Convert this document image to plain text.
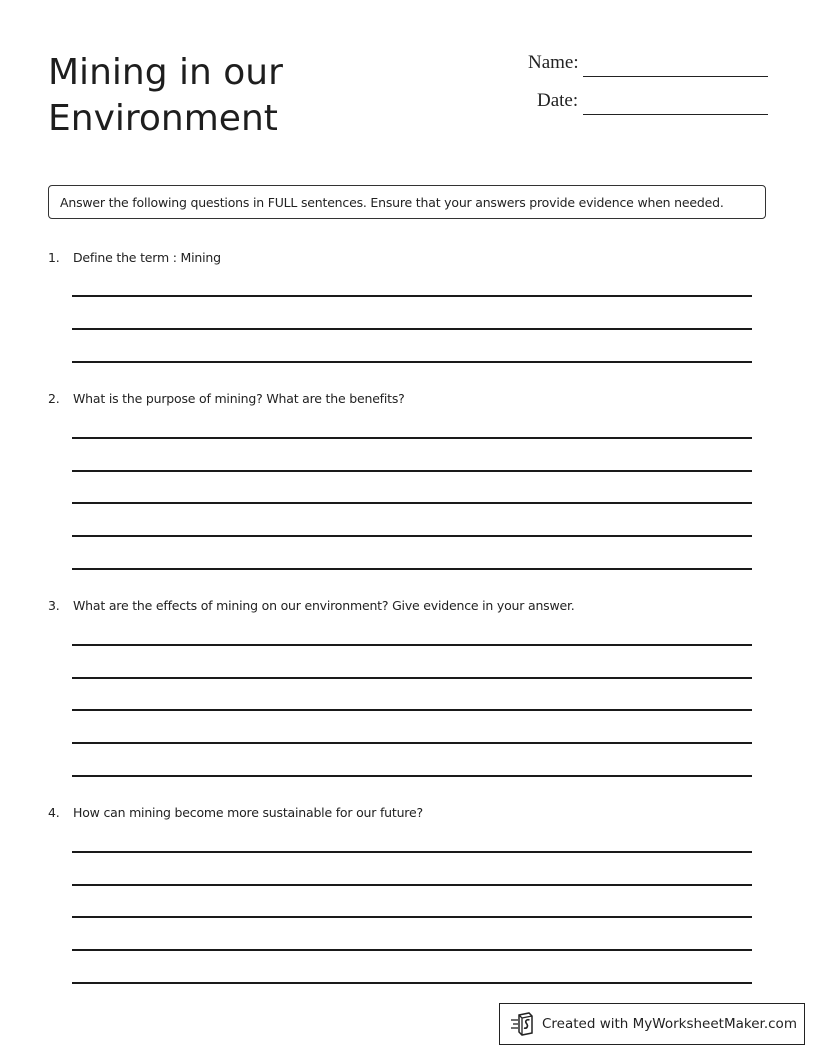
Mining in our
Environment
Name:
Date:
Answer the following questions in FULL sentences. Ensure that your answers provide evidence when needed.
1. Define the term : Mining
2. What is the purpose of mining? What are the benefits?
3. What are the effects of mining on our environment? Give evidence in your answer.
4. How can mining become more sustainable for our future?
Created with MyWorksheetMaker.com
